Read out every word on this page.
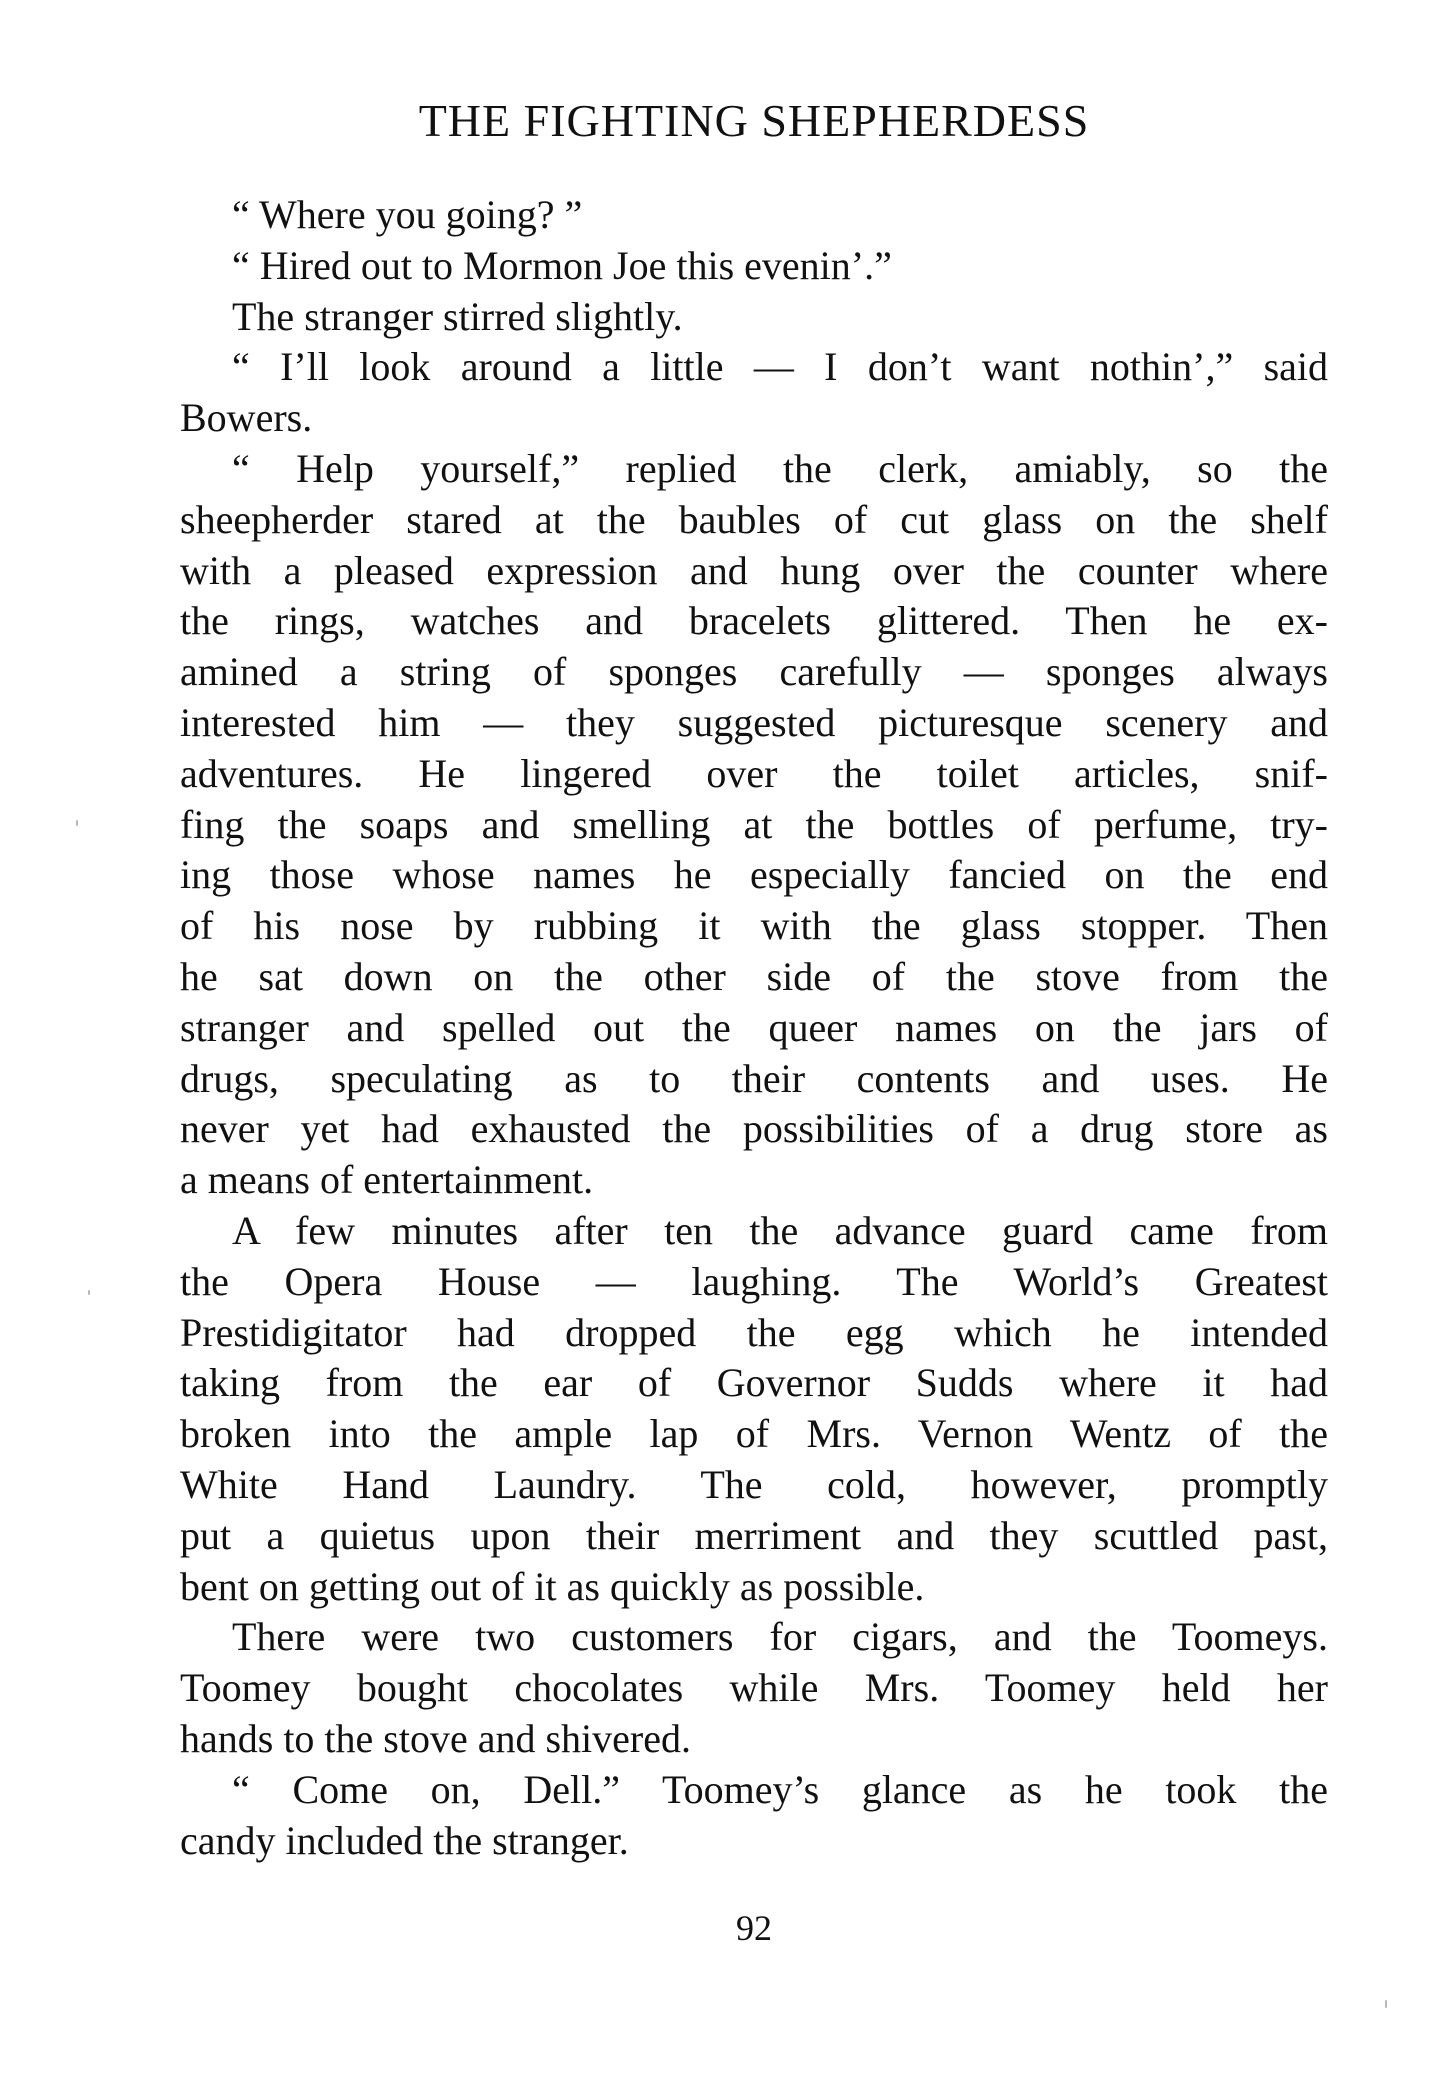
THE FIGHTING SHEPHERDESS
“ Where you going? ”
“ Hired out to Mormon Joe this evenin’.”
The stranger stirred slightly.
“ I’ll look around a little — I don’t want nothin’,” said
Bowers.
“ Help yourself,” replied the clerk, amiably, so the
sheepherder stared at the baubles of cut glass on the shelf
with a pleased expression and hung over the counter where
the rings, watches and bracelets glittered. Then he ex-
amined a string of sponges carefully — sponges always
interested him — they suggested picturesque scenery and
adventures. He lingered over the toilet articles, snif-
fing the soaps and smelling at the bottles of perfume, try-
ing those whose names he especially fancied on the end
of his nose by rubbing it with the glass stopper. Then
he sat down on the other side of the stove from the
stranger and spelled out the queer names on the jars of
drugs, speculating as to their contents and uses. He
never yet had exhausted the possibilities of a drug store as
a means of entertainment.
A few minutes after ten the advance guard came from
the Opera House — laughing. The World’s Greatest
Prestidigitator had dropped the egg which he intended
taking from the ear of Governor Sudds where it had
broken into the ample lap of Mrs. Vernon Wentz of the
White Hand Laundry. The cold, however, promptly
put a quietus upon their merriment and they scuttled past,
bent on getting out of it as quickly as possible.
There were two customers for cigars, and the Toomeys.
Toomey bought chocolates while Mrs. Toomey held her
hands to the stove and shivered.
“ Come on, Dell.” Toomey’s glance as he took the
candy included the stranger.
92
